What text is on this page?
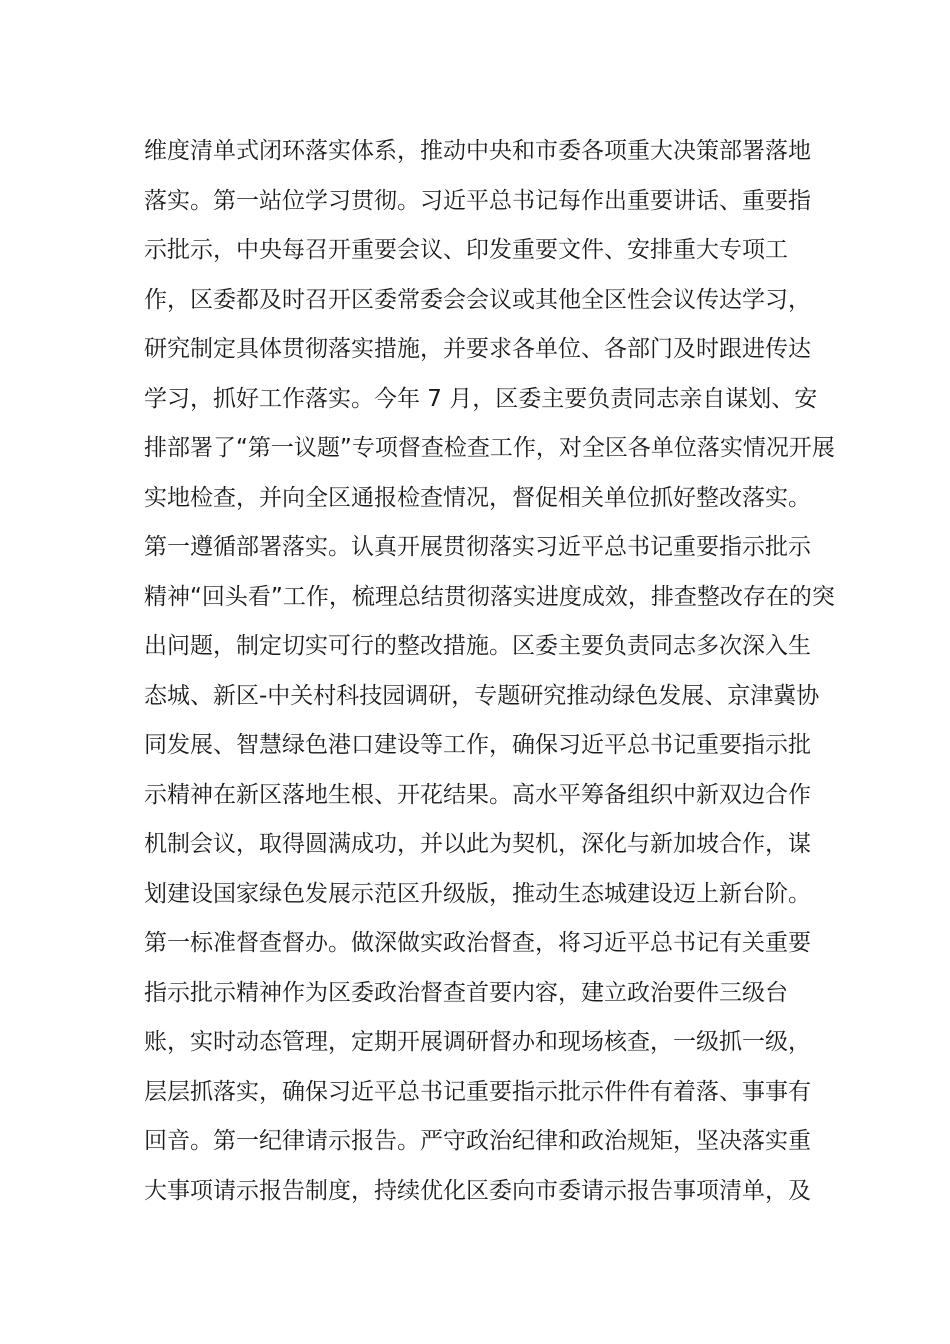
维度清单式闭环落实体系，推动中央和市委各项重大决策部署落地
落实。第一站位学习贯彻。习近平总书记每作出重要讲话、重要指
示批示，中央每召开重要会议、印发重要文件、安排重大专项工
作，区委都及时召开区委常委会会议或其他全区性会议传达学习，
研究制定具体贯彻落实措施，并要求各单位、各部门及时跟进传达
学习，抓好工作落实。今年 7 月，区委主要负责同志亲自谋划、安
排部署了“第一议题”专项督查检查工作，对全区各单位落实情况开展
实地检查，并向全区通报检查情况，督促相关单位抓好整改落实。
第一遵循部署落实。认真开展贯彻落实习近平总书记重要指示批示
精神“回头看”工作，梳理总结贯彻落实进度成效，排查整改存在的突
出问题，制定切实可行的整改措施。区委主要负责同志多次深入生
态城、新区-中关村科技园调研，专题研究推动绿色发展、京津冀协
同发展、智慧绿色港口建设等工作，确保习近平总书记重要指示批
示精神在新区落地生根、开花结果。高水平筹备组织中新双边合作
机制会议，取得圆满成功，并以此为契机，深化与新加坡合作，谋
划建设国家绿色发展示范区升级版，推动生态城建设迈上新台阶。
第一标准督查督办。做深做实政治督查，将习近平总书记有关重要
指示批示精神作为区委政治督查首要内容，建立政治要件三级台
账，实时动态管理，定期开展调研督办和现场核查，一级抓一级，
层层抓落实，确保习近平总书记重要指示批示件件有着落、事事有
回音。第一纪律请示报告。严守政治纪律和政治规矩，坚决落实重
大事项请示报告制度，持续优化区委向市委请示报告事项清单，及
